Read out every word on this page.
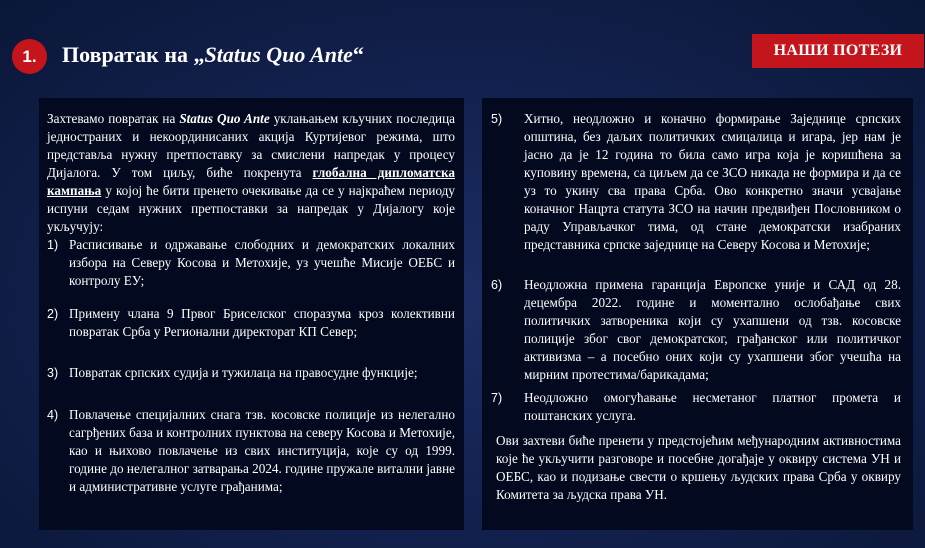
1.	Повратак на „Status Quo Ante“	НАШИ ПОТЕЗИ
Захтевамо повратак на Status Quo Ante уклањањем кључних последица једностраних и некоординисаних акција Куртијевог режима, што представља нужну претпоставку за смислени напредак у процесу Дијалога. У том циљу, биће покренута глобална дипломатска кампања у којој ће бити пренето очекивање да се у најкраћем периоду испуни седам нужних претпоставки за напредак у Дијалогу које укључују:
1) Расписивање и одржавање слободних и демократских локалних избора на Северу Косова и Метохије, уз учешће Мисије ОЕБС и контролу ЕУ;
2) Примену члана 9 Првог Бриселског споразума кроз колективни повратак Срба у Регионални директорат КП Север;
3) Повратак српских судија и тужилаца на правосудне функције;
4) Повлачење специјалних снага тзв. косовске полиције из нелегално сагрђених база и контролних пунктова на северу Косова и Метохије, као и њихово повлачење из свих институција, које су од 1999. године до нелегалног затварања 2024. године пружале витални јавне и административне услуге грађанима;
5) Хитно, неодложно и коначно формирање Заједнице српских општина, без даљих политичких смицалица и игара, јер нам је јасно да је 12 година то била само игра која је коришћена за куповину времена, са циљем да се ЗСО никада не формира и да се уз то укину сва права Срба. Ово конкретно значи усвајање коначног Нацрта статута ЗСО на начин предвиђен Пословником о раду Управљачког тима, од стане демократски изабраних представника српске заједнице на Северу Косова и Метохије;
6) Неодложна примена гаранција Европске уније и САД од 28. децембра 2022. године и моментално ослобађање свих политичких затвореника који су ухапшени од тзв. косовске полиције због свог демократског, грађанског или политичког активизма – а посебно оних који су ухапшени због учешћа на мирним протестима/барикадама;
7) Неодложно омогућавање несметаног платног промета и поштанских услуга.
Ови захтеви биће пренети у предстојећим међународним активностима које ће укључити разговоре и посебне догађаје у оквиру система УН и ОЕБС, као и подизање свести о кршењу људских права Срба у оквиру Комитета за људска права УН.
